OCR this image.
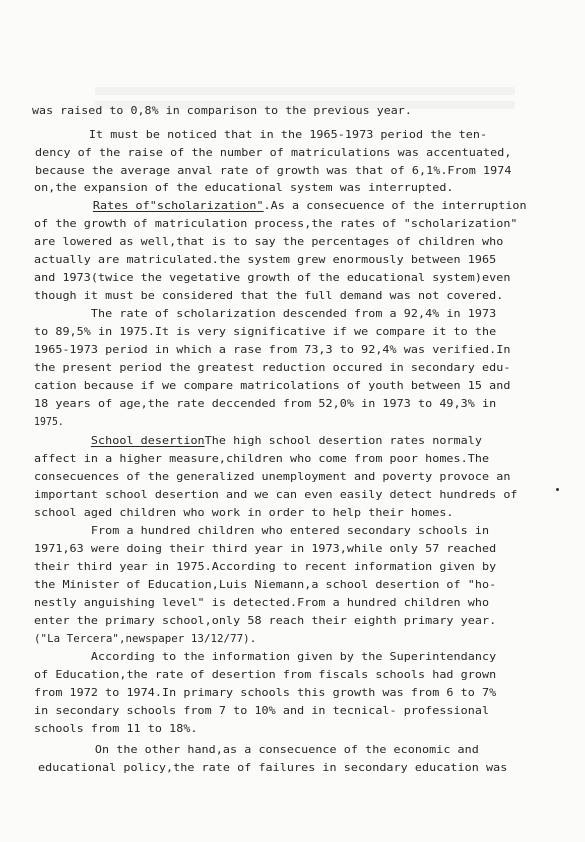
was raised to 0,8% in comparison to the previous year.
It must be noticed that in the 1965-1973 period the ten-
dency of the raise of the number of matriculations was accentuated,
because the average anval rate of growth was that of 6,1%.From 1974
on,the expansion of the educational system was interrupted.
Rates of"scholarization".As a consecuence of the interruption
of the growth of matriculation process,the rates of "scholarization"
are lowered as well,that is to say the percentages of children who
actually are matriculated.the system grew enormously between 1965
and 1973(twice the vegetative growth of the educational system)even
though it must be considered that the full demand was not covered.
The rate of scholarization descended from a 92,4% in 1973
to 89,5% in 1975.It is very significative if we compare it to the
1965-1973 period in which a rase from 73,3 to 92,4% was verified.In
the present period the greatest reduction occured in secondary edu-
cation because if we compare matricolations of youth between 15 and
18 years of age,the rate deccended from 52,0% in 1973 to 49,3% in
1975.
School desertionThe high school desertion rates normaly
affect in a higher measure,children who come from poor homes.The
consecuences of the generalized unemployment and poverty provoce an
important school desertion and we can even easily detect hundreds of
school aged children who work in order to help their homes.
From a hundred children who entered secondary schools in
1971,63 were doing their third year in 1973,while only 57 reached
their third year in 1975.According to recent information given by
the Minister of Education,Luis Niemann,a school desertion of "ho-
nestly anguishing level" is detected.From a hundred children who
enter the primary school,only 58 reach their eighth primary year.
("La Tercera",newspaper 13/12/77).
According to the information given by the Superintendancy
of Education,the rate of desertion from fiscals schools had grown
from 1972 to 1974.In primary schools this growth was from 6 to 7%
in secondary schools from 7 to 10% and in tecnical- professional
schools from 11 to 18%.
On the other hand,as a consecuence of the economic and
educational policy,the rate of failures in secondary education was
